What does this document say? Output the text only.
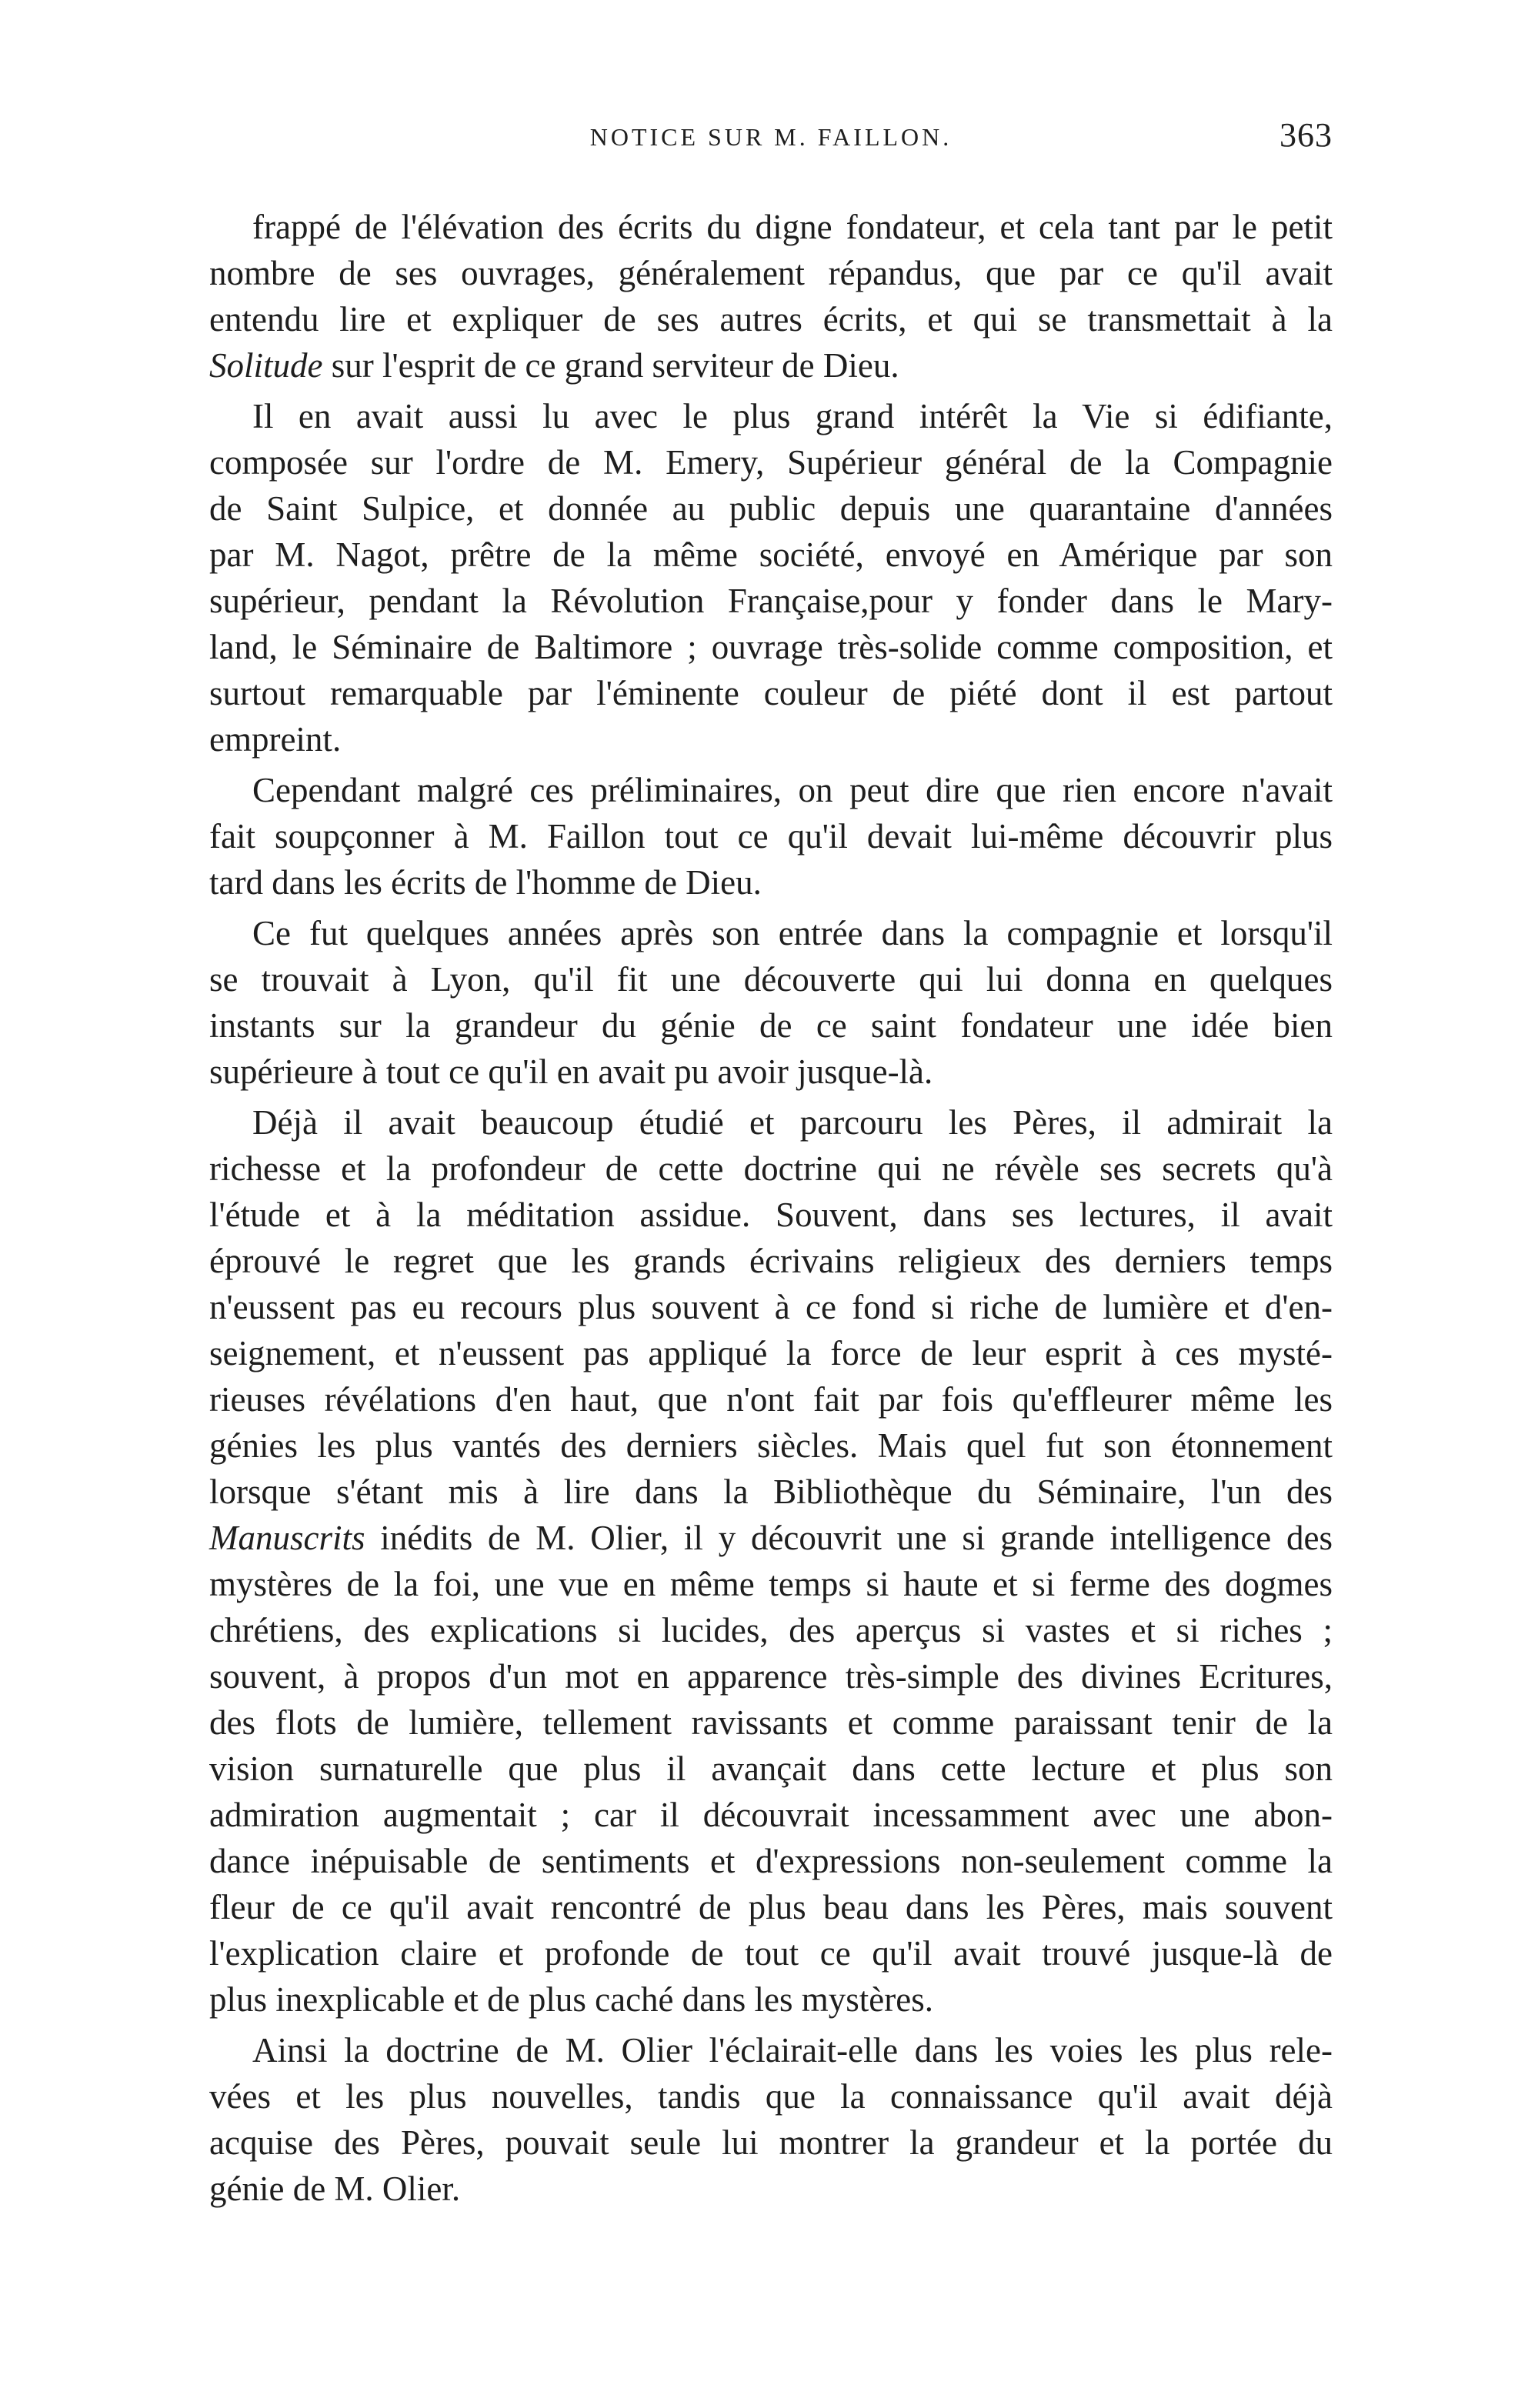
NOTICE SUR M. FAILLON.	363
frappé de l'élévation des écrits du digne fondateur, et cela tant par le petit
nombre de ses ouvrages, généralement répandus, que par ce qu'il avait
entendu lire et expliquer de ses autres écrits, et qui se transmettait à la
Solitude sur l'esprit de ce grand serviteur de Dieu.
Il en avait aussi lu avec le plus grand intérêt la Vie si édifiante,
composée sur l'ordre de M. Emery, Supérieur général de la Compagnie
de Saint Sulpice, et donnée au public depuis une quarantaine d'années
par M. Nagot, prêtre de la même société, envoyé en Amérique par son
supérieur, pendant la Révolution Française,pour y fonder dans le Mary-
land, le Séminaire de Baltimore ; ouvrage très-solide comme composition, et
surtout remarquable par l'éminente couleur de piété dont il est partout
empreint.
Cependant malgré ces préliminaires, on peut dire que rien encore n'avait
fait soupçonner à M. Faillon tout ce qu'il devait lui-même découvrir plus
tard dans les écrits de l'homme de Dieu.
Ce fut quelques années après son entrée dans la compagnie et lorsqu'il
se trouvait à Lyon, qu'il fit une découverte qui lui donna en quelques
instants sur la grandeur du génie de ce saint fondateur une idée bien
supérieure à tout ce qu'il en avait pu avoir jusque-là.
Déjà il avait beaucoup étudié et parcouru les Pères, il admirait la
richesse et la profondeur de cette doctrine qui ne révèle ses secrets qu'à
l'étude et à la méditation assidue. Souvent, dans ses lectures, il avait
éprouvé le regret que les grands écrivains religieux des derniers temps
n'eussent pas eu recours plus souvent à ce fond si riche de lumière et d'en-
seignement, et n'eussent pas appliqué la force de leur esprit à ces mysté-
rieuses révélations d'en haut, que n'ont fait par fois qu'effleurer même les
génies les plus vantés des derniers siècles. Mais quel fut son étonnement
lorsque s'étant mis à lire dans la Bibliothèque du Séminaire, l'un des
Manuscrits inédits de M. Olier, il y découvrit une si grande intelligence des
mystères de la foi, une vue en même temps si haute et si ferme des dogmes
chrétiens, des explications si lucides, des aperçus si vastes et si riches ;
souvent, à propos d'un mot en apparence très-simple des divines Ecritures,
des flots de lumière, tellement ravissants et comme paraissant tenir de la
vision surnaturelle que plus il avançait dans cette lecture et plus son
admiration augmentait ; car il découvrait incessamment avec une abon-
dance inépuisable de sentiments et d'expressions non-seulement comme la
fleur de ce qu'il avait rencontré de plus beau dans les Pères, mais souvent
l'explication claire et profonde de tout ce qu'il avait trouvé jusque-là de
plus inexplicable et de plus caché dans les mystères.
Ainsi la doctrine de M. Olier l'éclairait-elle dans les voies les plus rele-
vées et les plus nouvelles, tandis que la connaissance qu'il avait déjà
acquise des Pères, pouvait seule lui montrer la grandeur et la portée du
génie de M. Olier.
